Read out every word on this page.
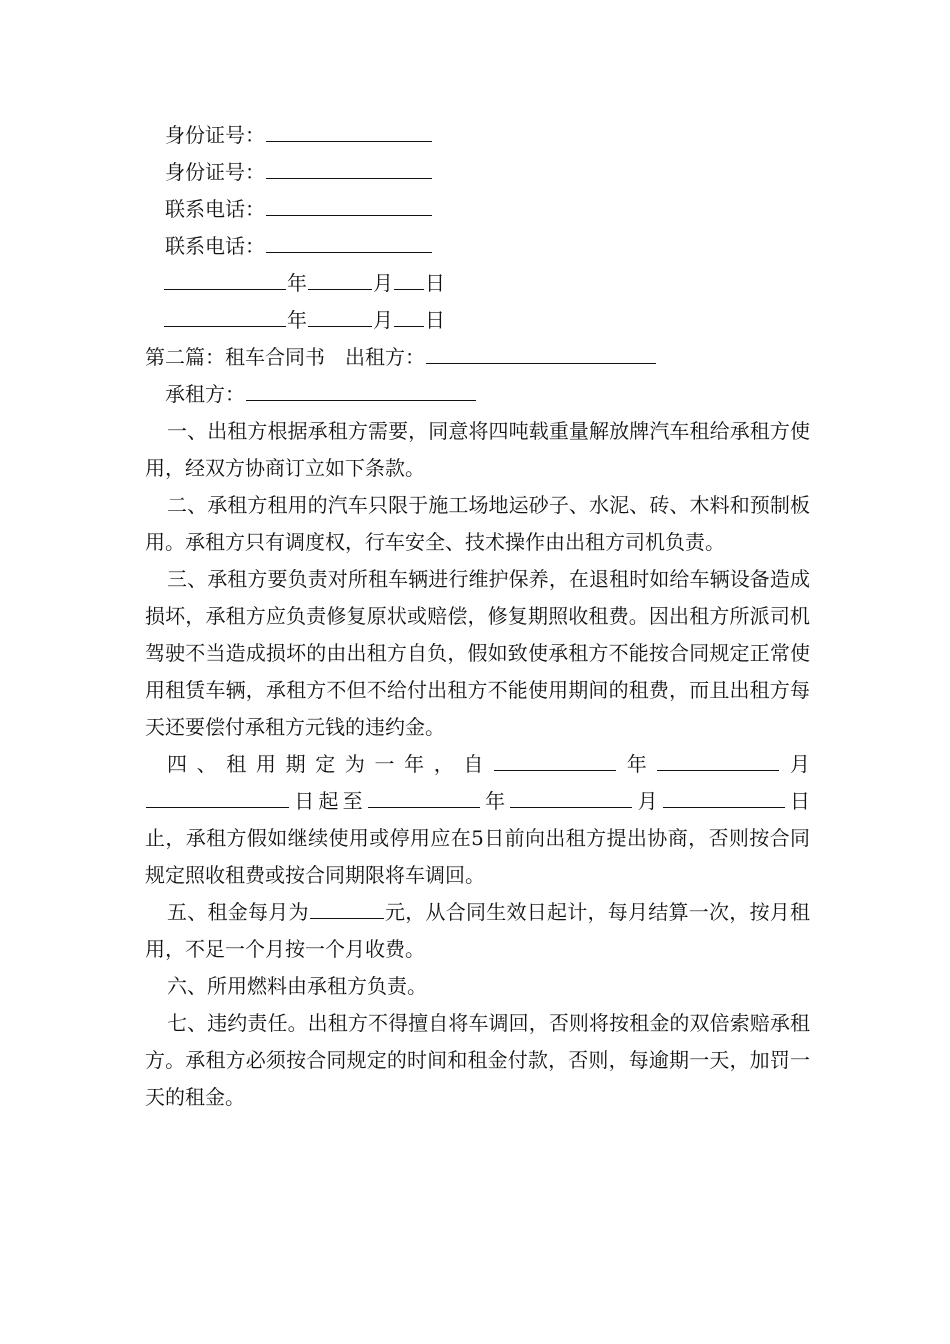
身份证号：
身份证号：
联系电话：
联系电话：
年	月 日
年	月 日
第二篇：租车合同书　出租方：
承租方：

一、出租方根据承租方需要，同意将四吨载重量解放牌汽车租给承租方使用，经双方协商订立如下条款。

二、承租方租用的汽车只限于施工场地运砂子、水泥、砖、木料和预制板用。承租方只有调度权，行车安全、技术操作由出租方司机负责。

三、承租方要负责对所租车辆进行维护保养，在退租时如给车辆设备造成损坏，承租方应负责修复原状或赔偿，修复期照收租费。因出租方所派司机驾驶不当造成损坏的由出租方自负，假如致使承租方不能按合同规定正常使用租赁车辆，承租方不但不给付出租方不能使用期间的租费，而且出租方每天还要偿付承租方元钱的违约金。

四、租用期定为一年，自	年	月日起至	年	月	日止，承租方假如继续使用或停用应在5日前向出租方提出协商，否则按合同规定照收租费或按合同期限将车调回。

五、租金每月为	元，从合同生效日起计，每月结算一次，按月租用，不足一个月按一个月收费。

六、所用燃料由承租方负责。

七、违约责任。出租方不得擅自将车调回，否则将按租金的双倍索赔承租方。承租方必须按合同规定的时间和租金付款，否则，每逾期一天，加罚一天的租金。
